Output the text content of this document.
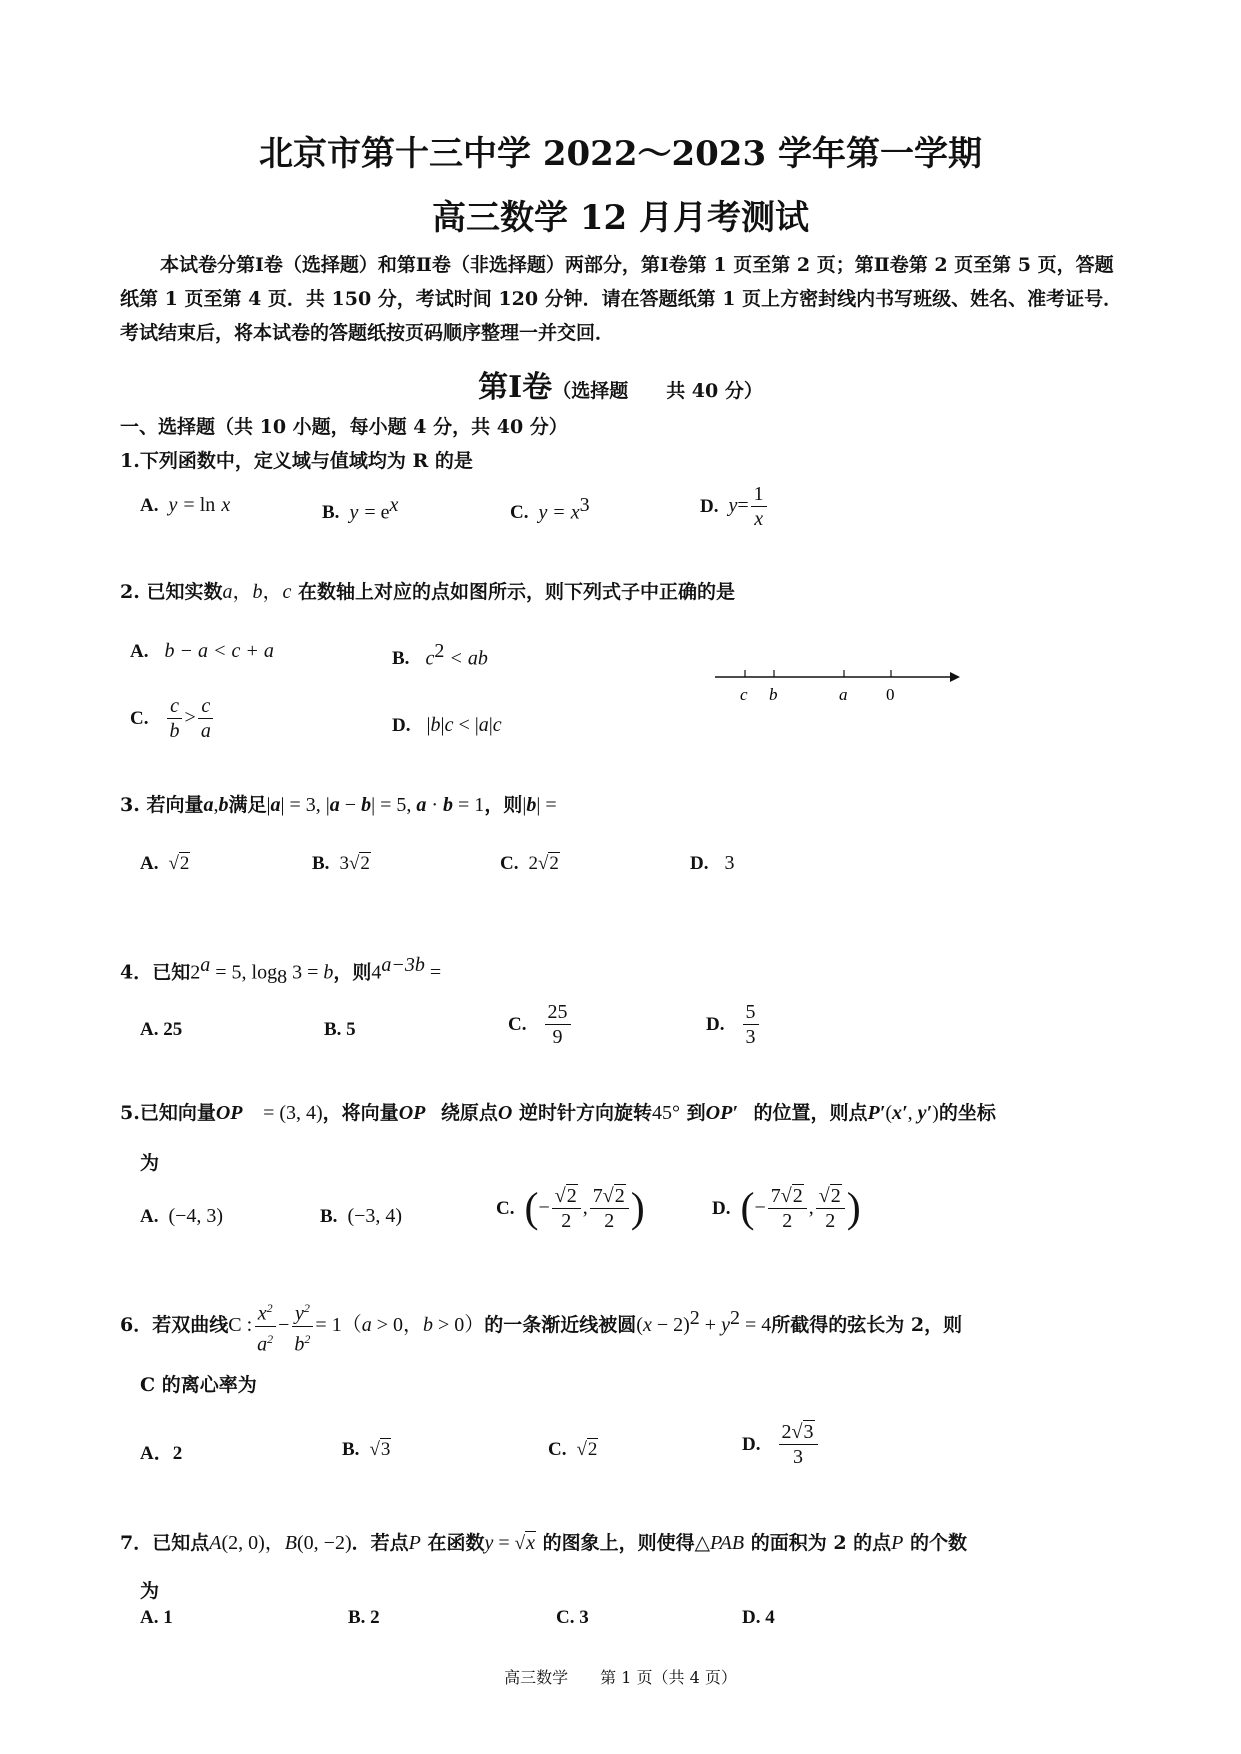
北京市第十三中学 2022～2023 学年第一学期
高三数学 12 月月考测试
本试卷分第Ⅰ卷（选择题）和第Ⅱ卷（非选择题）两部分，第Ⅰ卷第 1 页至第 2 页；第Ⅱ卷第 2 页至第 5 页，答题纸第 1 页至第 4 页．共 150 分，考试时间 120 分钟．请在答题纸第 1 页上方密封线内书写班级、姓名、准考证号．考试结束后，将本试卷的答题纸按页码顺序整理一并交回．
第Ⅰ卷（选择题　　共 40 分）
一、选择题（共 10 小题，每小题 4 分，共 40 分）
1.下列函数中，定义域与值域均为 R 的是
A. y = ln x	B. $y = e^x$	C. $y = x^3$	D. $y= \frac{1}{x}$
2. 已知实数a，b，c 在数轴上对应的点如图所示，则下列式子中正确的是
A. b − a < c + a	B. $c^2$ < ab
C. $\frac{c}{b} > \frac{c}{a}$	D. |b|c < |a|c
c b	a 0
3. 若向量a,b满足|a| = 3, |a − b| = 5, a · b = 1，则|b| =
A. √2	B. 3√2	C. 2√2	D. 3
4．已知$2^a = 5$, $\log_8 3 = b$，则$4^{a-3b}$ =
A. 25	B. 5	C. $\frac{25}{9}$	D. $\frac{5}{3}$
5.已知向量OP⃗ = (3, 4)，将向量OP⃗绕原点O 逆时针方向旋转45° 到OP′⃗的位置，则点P′(x′, y′)的坐标
为
A. (−4, 3)	B. (−3, 4)	C. (− $\frac{√2}{2}$ , $\frac{7√2}{2}$ )	D. (− $\frac{7√2}{2}$ , $\frac{√2}{2}$ )
6．若双曲线C : $\frac{x^2}{a^2} - \frac{y^2}{b^2} = 1(a > 0$，b > 0）的一条渐近线被圆$(x - 2)^2 + y^2 = 4$所截得的弦长为 2，则
C 的离心率为
A．2	B. √3	C. √2	D. $\frac{2√3}{3}$
7．已知点A(2, 0)，B(0, −2)．若点P 在函数y = √x 的图象上，则使得△PAB 的面积为 2 的点P 的个数
为
A. 1	B. 2	C. 3	D. 4
高三数学   第 1 页（共 4 页）
